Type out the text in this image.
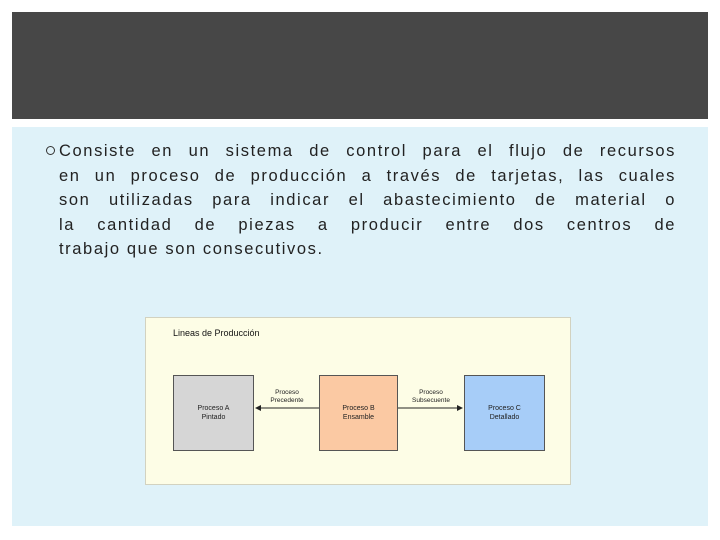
Consiste en un sistema de control para el flujo de recursos
en un proceso de producción a través de tarjetas, las cuales
son utilizadas para indicar el abastecimiento de material o
la cantidad de piezas a producir entre dos centros de
trabajo que son consecutivos.

Lineas de Producción
Proceso A
Pintado
Proceso B
Ensamble
Proceso C
Detallado
Proceso
Precedente
Proceso
Subsecuente
